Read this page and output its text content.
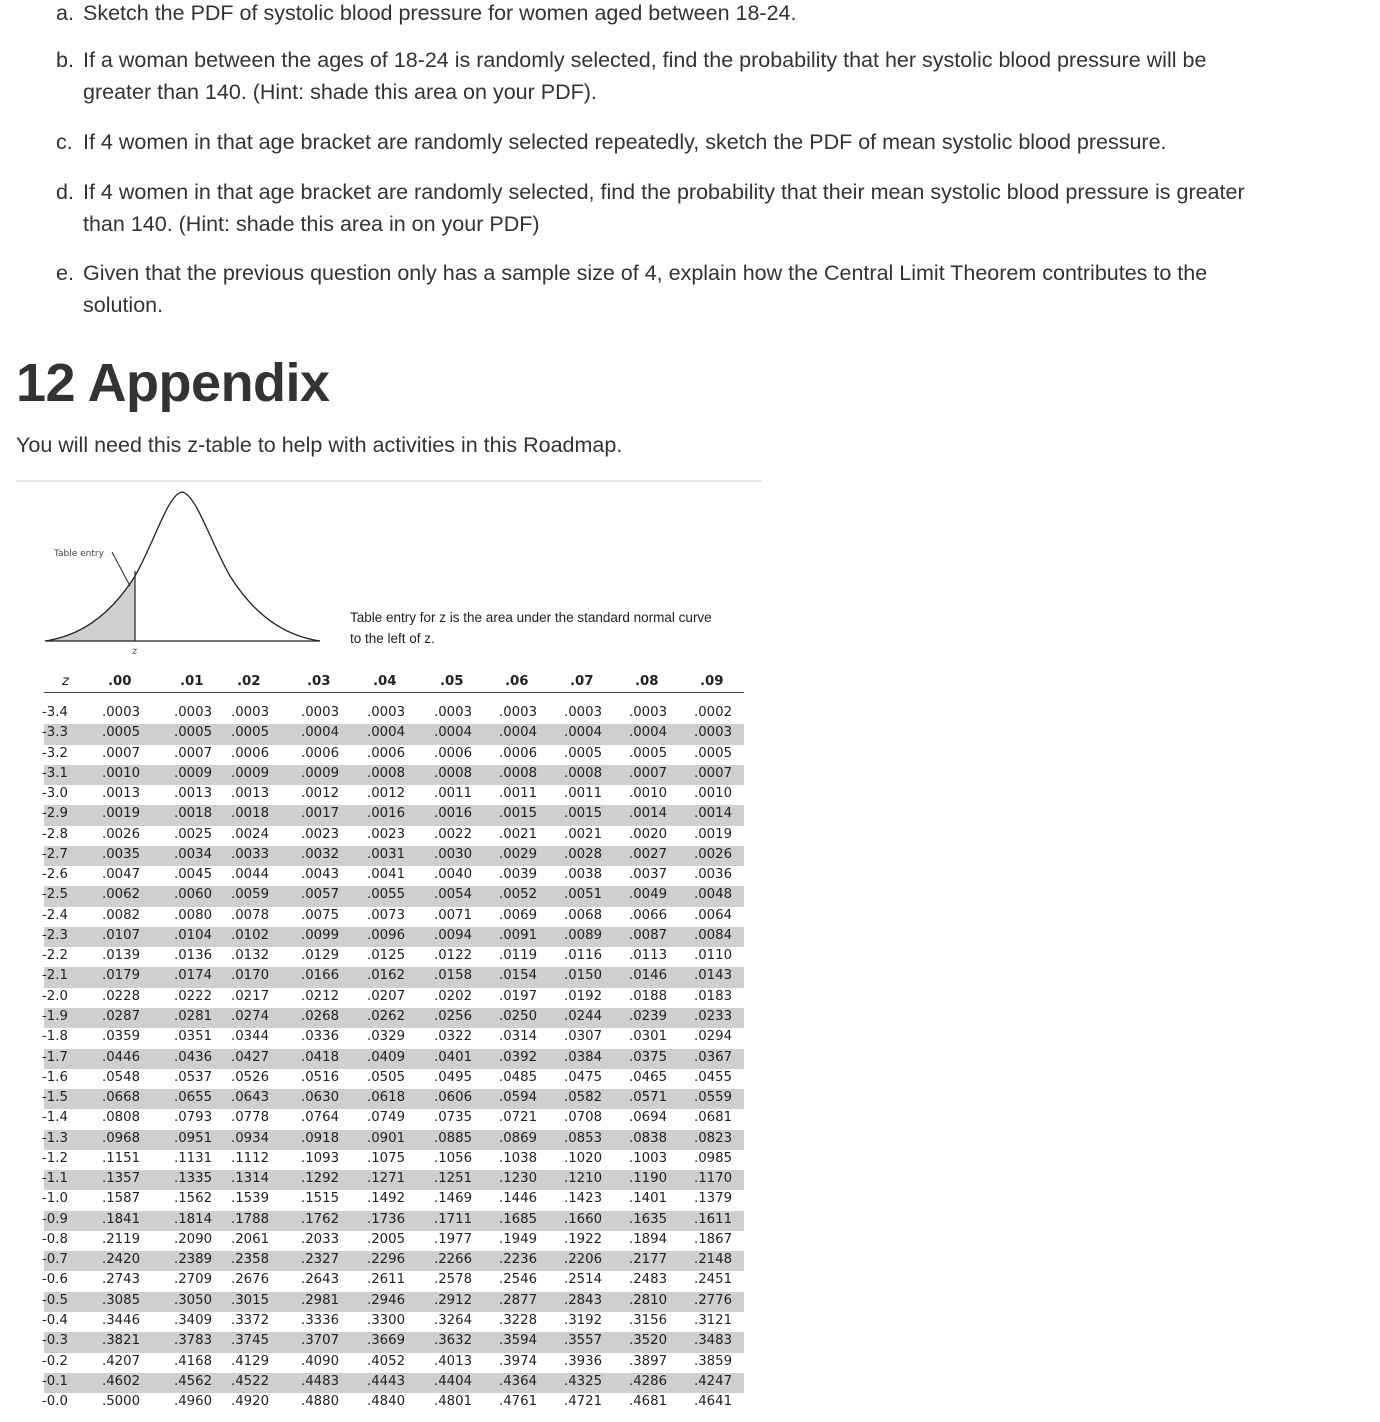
a. Sketch the PDF of systolic blood pressure for women aged between 18-24.
b. If a woman between the ages of 18-24 is randomly selected, find the probability that her systolic blood pressure will be
greater than 140. (Hint: shade this area on your PDF).
c. If 4 women in that age bracket are randomly selected repeatedly, sketch the PDF of mean systolic blood pressure.
d. If 4 women in that age bracket are randomly selected, find the probability that their mean systolic blood pressure is greater
than 140. (Hint: shade this area in on your PDF)
e. Given that the previous question only has a sample size of 4, explain how the Central Limit Theorem contributes to the
solution.
12 Appendix

You will need this z-table to help with activities in this Roadmap.

Table entry
z
Table entry for z is the area under the standard normal curve
to the left of z.
z	.00	.01	.02	.03	.04	.05	.06	.07	.08	.09
-3.4	.0003	.0003 .0003 .0003 .0003 .0003 .0003 .0003 .0003 .0002
-3.3	.0005	.0005 .0005 .0004 .0004 .0004 .0004 .0004 .0004 .0003
-3.2	.0007	.0007 .0006 .0006 .0006 .0006 .0006 .0005 .0005 .0005
-3.1	.0010	.0009 .0009 .0009 .0008 .0008 .0008 .0008 .0007 .0007
-3.0	.0013	.0013 .0013 .0012 .0012 .0011 .0011 .0011 .0010 .0010
-2.9	.0019	.0018 .0018 .0017 .0016 .0016 .0015 .0015 .0014 .0014
-2.8	.0026	.0025 .0024 .0023 .0023 .0022 .0021 .0021 .0020 .0019
-2.7	.0035	.0034 .0033 .0032 .0031 .0030 .0029 .0028 .0027 .0026
-2.6	.0047	.0045 .0044 .0043 .0041 .0040 .0039 .0038 .0037 .0036
-2.5	.0062	.0060 .0059 .0057 .0055 .0054 .0052 .0051 .0049 .0048
-2.4	.0082	.0080 .0078 .0075 .0073 .0071 .0069 .0068 .0066 .0064
-2.3	.0107	.0104 .0102 .0099 .0096 .0094 .0091 .0089 .0087 .0084
-2.2	.0139	.0136 .0132 .0129 .0125 .0122 .0119 .0116 .0113 .0110
-2.1	.0179	.0174 .0170 .0166 .0162 .0158 .0154 .0150 .0146 .0143
-2.0	.0228	.0222 .0217 .0212 .0207 .0202 .0197 .0192 .0188 .0183
-1.9	.0287	.0281 .0274 .0268 .0262 .0256 .0250 .0244 .0239 .0233
-1.8	.0359	.0351 .0344 .0336 .0329 .0322 .0314 .0307 .0301 .0294
-1.7	.0446	.0436 .0427 .0418 .0409 .0401 .0392 .0384 .0375 .0367
-1.6	.0548	.0537 .0526 .0516 .0505 .0495 .0485 .0475 .0465 .0455
-1.5	.0668	.0655 .0643 .0630 .0618 .0606 .0594 .0582 .0571 .0559
-1.4	.0808	.0793 .0778 .0764 .0749 .0735 .0721 .0708 .0694 .0681
-1.3	.0968	.0951 .0934 .0918 .0901 .0885 .0869 .0853 .0838 .0823
-1.2	.1151	.1131 .1112 .1093 .1075 .1056 .1038 .1020 .1003 .0985
-1.1	.1357	.1335 .1314 .1292 .1271 .1251 .1230 .1210 .1190 .1170
-1.0	.1587	.1562 .1539 .1515 .1492 .1469 .1446 .1423 .1401 .1379
-0.9	.1841	.1814 .1788 .1762 .1736 .1711 .1685 .1660 .1635 .1611
-0.8	.2119	.2090 .2061 .2033 .2005 .1977 .1949 .1922 .1894 .1867
-0.7	.2420	.2389 .2358 .2327 .2296 .2266 .2236 .2206 .2177 .2148
-0.6	.2743	.2709 .2676 .2643 .2611 .2578 .2546 .2514 .2483 .2451
-0.5	.3085	.3050 .3015 .2981 .2946 .2912 .2877 .2843 .2810 .2776
-0.4	.3446	.3409 .3372 .3336 .3300 .3264 .3228 .3192 .3156 .3121
-0.3	.3821	.3783 .3745 .3707 .3669 .3632 .3594 .3557 .3520 .3483
-0.2	.4207	.4168 .4129 .4090 .4052 .4013 .3974 .3936 .3897 .3859
-0.1	.4602	.4562 .4522 .4483 .4443 .4404 .4364 .4325 .4286 .4247
-0.0	.5000	.4960 .4920 .4880 .4840 .4801 .4761 .4721 .4681 .4641
